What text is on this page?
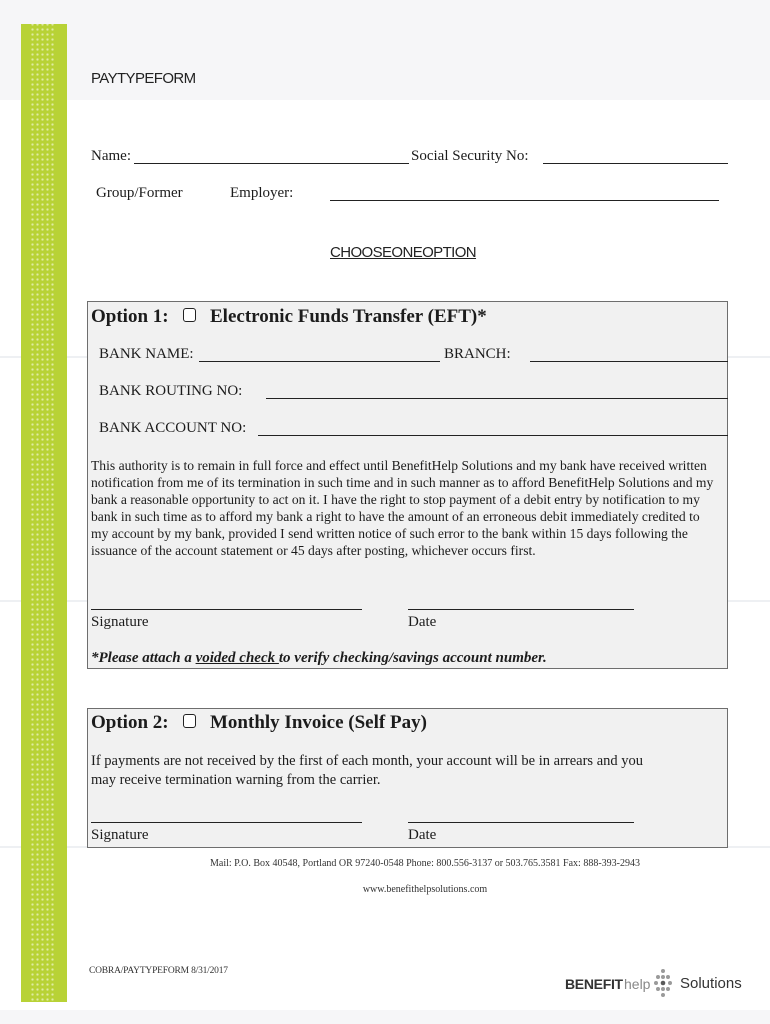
PAYTYPEFORM
Name:	Social Security No:
Group/Former	Employer:
CHOOSEONEOPTION
Option 1: Electronic Funds Transfer (EFT)*
BANK NAME:	BRANCH:
BANK ROUTING NO:
BANK ACCOUNT NO:
This authority is to remain in full force and effect until BenefitHelp Solutions and my bank have received written notification from me of its termination in such time and in such manner as to afford BenefitHelp Solutions and my bank a reasonable opportunity to act on it. I have the right to stop payment of a debit entry by notification to my bank in such time as to afford my bank a right to have the amount of an erroneous debit immediately credited to my account by my bank, provided I send written notice of such error to the bank within 15 days following the issuance of the account statement or 45 days after posting, whichever occurs first.
Signature	Date
*Please attach a voided check to verify checking/savings account number.
Option 2: Monthly Invoice (Self Pay)
If payments are not received by the first of each month, your account will be in arrears and you may receive termination warning from the carrier.
Signature	Date
Mail: P.O. Box 40548, Portland OR 97240-0548 Phone: 800.556-3137 or 503.765.3581 Fax: 888-393-2943
www.benefithelpsolutions.com
COBRA/PAYTYPEFORM 8/31/2017
BENEFIT help Solutions
